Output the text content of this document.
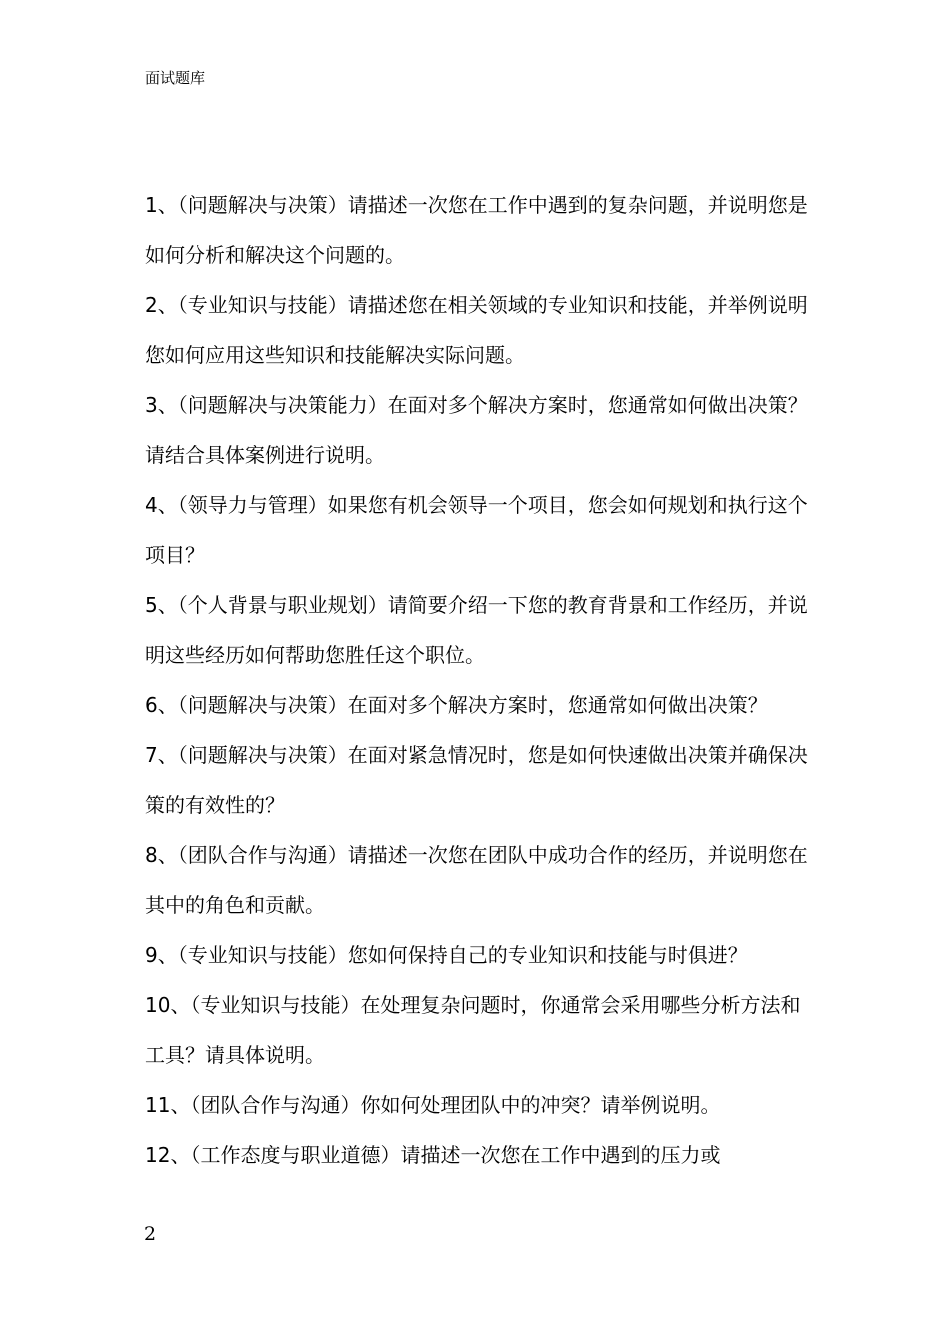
面试题库

1、（问题解决与决策）请描述一次您在工作中遇到的复杂问题，并说明您是如何分析和解决这个问题的。

2、（专业知识与技能）请描述您在相关领域的专业知识和技能，并举例说明您如何应用这些知识和技能解决实际问题。

3、（问题解决与决策能力）在面对多个解决方案时，您通常如何做出决策？请结合具体案例进行说明。

4、（领导力与管理）如果您有机会领导一个项目，您会如何规划和执行这个项目？

5、（个人背景与职业规划）请简要介绍一下您的教育背景和工作经历，并说明这些经历如何帮助您胜任这个职位。

6、（问题解决与决策）在面对多个解决方案时，您通常如何做出决策？

7、（问题解决与决策）在面对紧急情况时，您是如何快速做出决策并确保决策的有效性的？

8、（团队合作与沟通）请描述一次您在团队中成功合作的经历，并说明您在其中的角色和贡献。

9、（专业知识与技能）您如何保持自己的专业知识和技能与时俱进？

10、（专业知识与技能）在处理复杂问题时，你通常会采用哪些分析方法和工具？请具体说明。

11、（团队合作与沟通）你如何处理团队中的冲突？请举例说明。

12、（工作态度与职业道德）请描述一次您在工作中遇到的压力或

2
